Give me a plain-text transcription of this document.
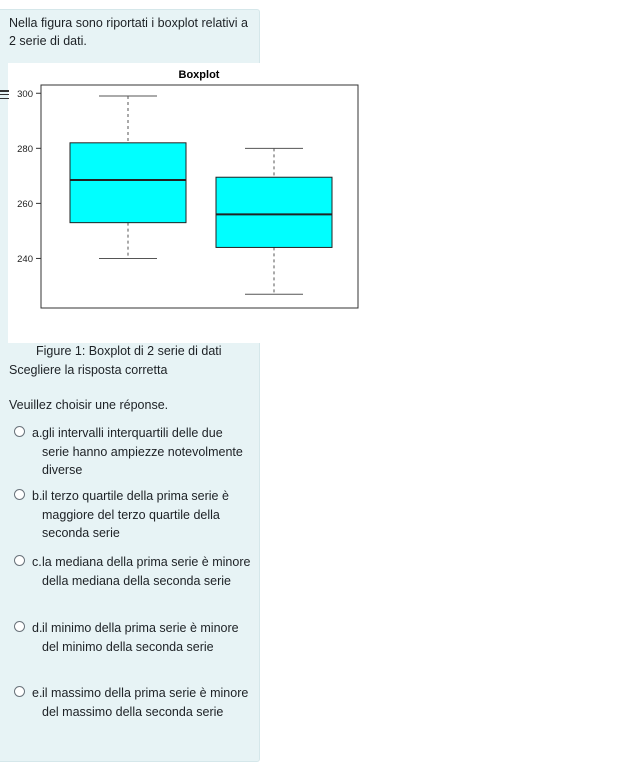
Nella figura sono riportati i boxplot relativi a 2 serie di dati.
Boxplot
240
260
280
300
Figure 1: Boxplot di 2 serie di dati
Scegliere la risposta corretta
Veuillez choisir une réponse.
a. gli intervalli interquartili delle due serie hanno ampiezze notevolmente diverse
b. il terzo quartile della prima serie è maggiore del terzo quartile della seconda serie
c. la mediana della prima serie è minore della mediana della seconda serie
d. il minimo della prima serie è minore del minimo della seconda serie
e. il massimo della prima serie è minore del massimo della seconda serie
